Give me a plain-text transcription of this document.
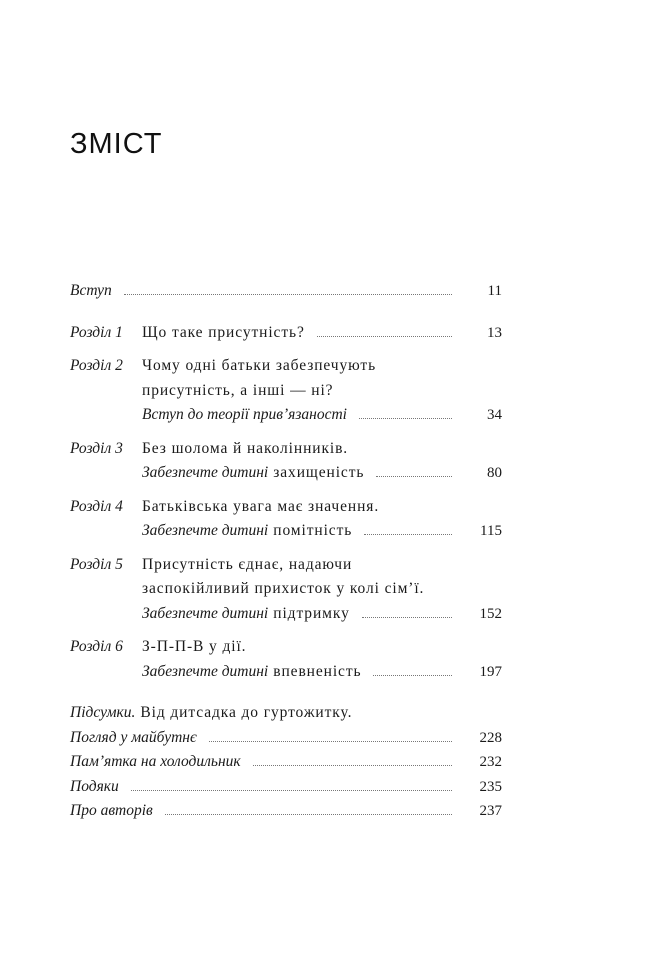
ЗМІСТ
Вступ	11
Розділ 1	Що таке присутність?	13
Розділ 2	Чому одні батьки забезпечують
присутність, а інші — ні?
Вступ до теорії прив’язаності	34
Розділ 3	Без шолома й наколінників.
Забезпечте дитині захищеність	80
Розділ 4	Батьківська увага має значення.
Забезпечте дитині помітність	115
Розділ 5	Присутність єднає, надаючи
заспокійливий прихисток у колі сім’ї.
Забезпечте дитині підтримку	152
Розділ 6	З-П-П-В у дії.
Забезпечте дитині впевненість	197
Підсумки. Від дитсадка до гуртожитку.
Погляд у майбутнє	228
Пам’ятка на холодильник	232
Подяки	235
Про авторів	237
